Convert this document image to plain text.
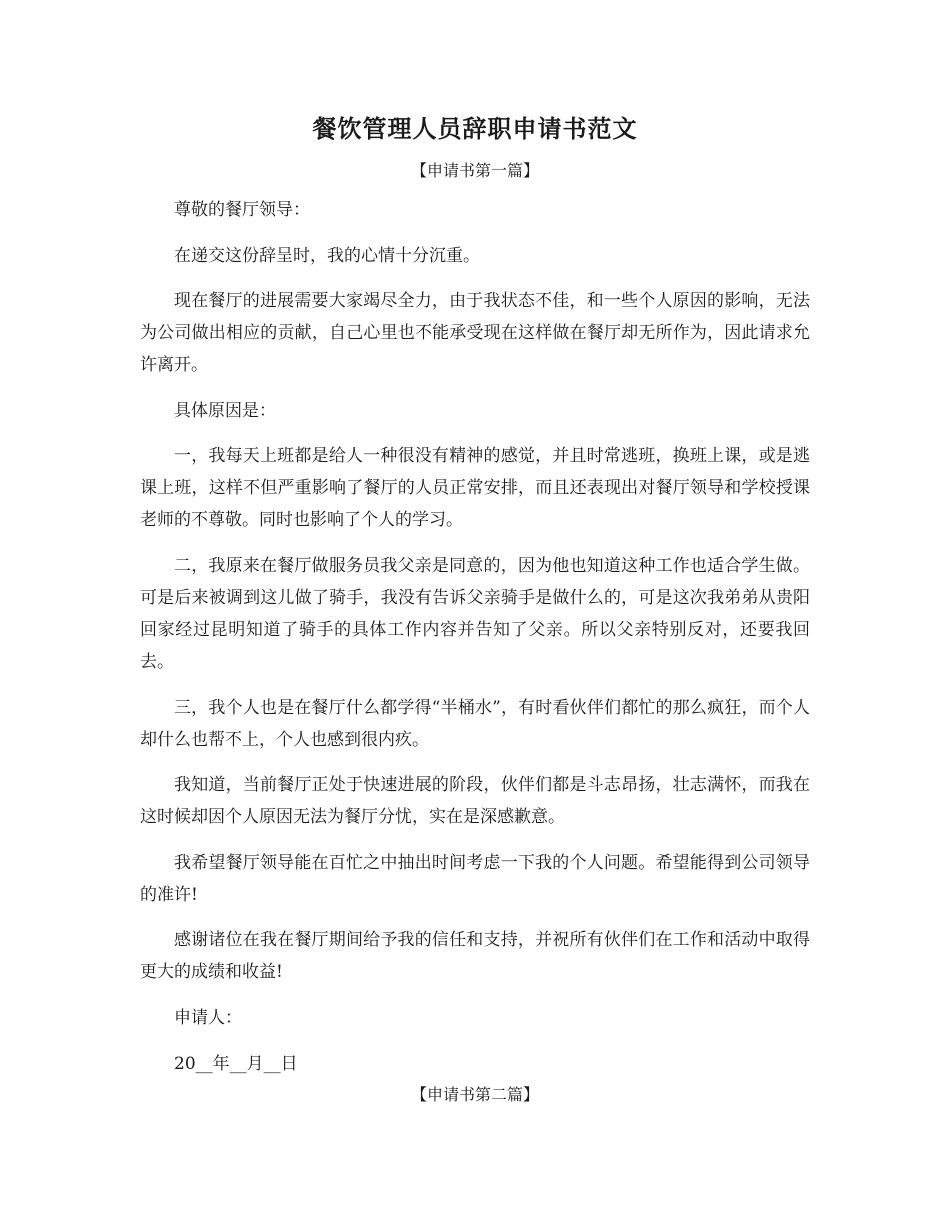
餐饮管理人员辞职申请书范文
【申请书第一篇】

尊敬的餐厅领导：

在递交这份辞呈时，我的心情十分沉重。

现在餐厅的进展需要大家竭尽全力，由于我状态不佳，和一些个人原因的影响，无法为公司做出相应的贡献，自己心里也不能承受现在这样做在餐厅却无所作为，因此请求允许离开。

具体原因是：

一，我每天上班都是给人一种很没有精神的感觉，并且时常逃班，换班上课，或是逃课上班，这样不但严重影响了餐厅的人员正常安排，而且还表现出对餐厅领导和学校授课老师的不尊敬。同时也影响了个人的学习。

二，我原来在餐厅做服务员我父亲是同意的，因为他也知道这种工作也适合学生做。可是后来被调到这儿做了骑手，我没有告诉父亲骑手是做什么的，可是这次我弟弟从贵阳回家经过昆明知道了骑手的具体工作内容并告知了父亲。所以父亲特别反对，还要我回去。

三，我个人也是在餐厅什么都学得“半桶水”，有时看伙伴们都忙的那么疯狂，而个人却什么也帮不上，个人也感到很内疚。

我知道，当前餐厅正处于快速进展的阶段，伙伴们都是斗志昂扬，壮志满怀，而我在这时候却因个人原因无法为餐厅分忧，实在是深感歉意。

我希望餐厅领导能在百忙之中抽出时间考虑一下我的个人问题。希望能得到公司领导的准许!

感谢诸位在我在餐厅期间给予我的信任和支持，并祝所有伙伴们在工作和活动中取得更大的成绩和收益!

申请人：

20__年__月__日

【申请书第二篇】
